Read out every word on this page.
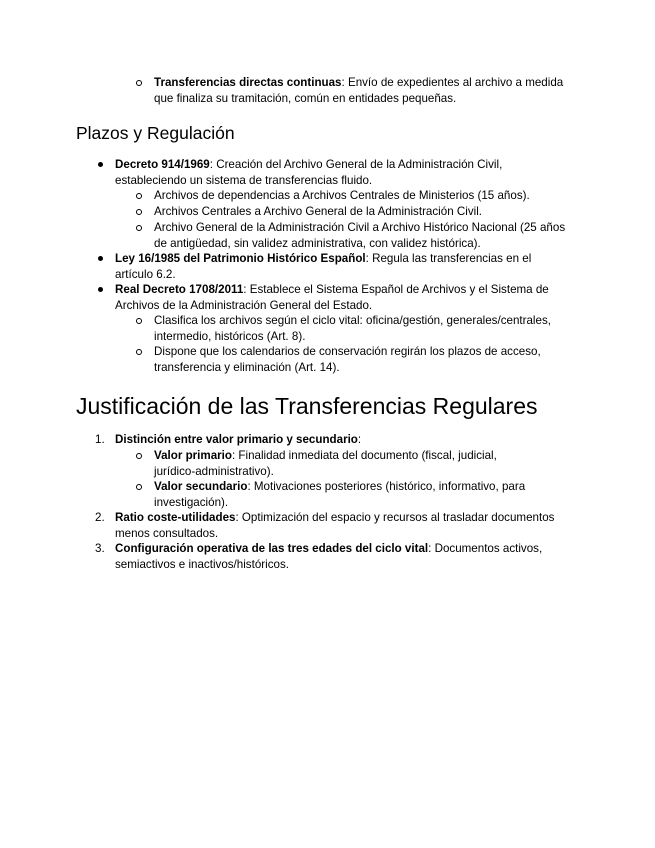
Transferencias directas continuas: Envío de expedientes al archivo a medida
que finaliza su tramitación, común en entidades pequeñas.
Plazos y Regulación
Decreto 914/1969: Creación del Archivo General de la Administración Civil,
estableciendo un sistema de transferencias fluido.
Archivos de dependencias a Archivos Centrales de Ministerios (15 años).
Archivos Centrales a Archivo General de la Administración Civil.
Archivo General de la Administración Civil a Archivo Histórico Nacional (25 años
de antigüedad, sin validez administrativa, con validez histórica).
Ley 16/1985 del Patrimonio Histórico Español: Regula las transferencias en el
artículo 6.2.
Real Decreto 1708/2011: Establece el Sistema Español de Archivos y el Sistema de
Archivos de la Administración General del Estado.
Clasifica los archivos según el ciclo vital: oficina/gestión, generales/centrales,
intermedio, históricos (Art. 8).
Dispone que los calendarios de conservación regirán los plazos de acceso,
transferencia y eliminación (Art. 14).
Justificación de las Transferencias Regulares
1. Distinción entre valor primario y secundario:
Valor primario: Finalidad inmediata del documento (fiscal, judicial,
jurídico-administrativo).
Valor secundario: Motivaciones posteriores (histórico, informativo, para
investigación).
2. Ratio coste-utilidades: Optimización del espacio y recursos al trasladar documentos
menos consultados.
3. Configuración operativa de las tres edades del ciclo vital: Documentos activos,
semiactivos e inactivos/históricos.
